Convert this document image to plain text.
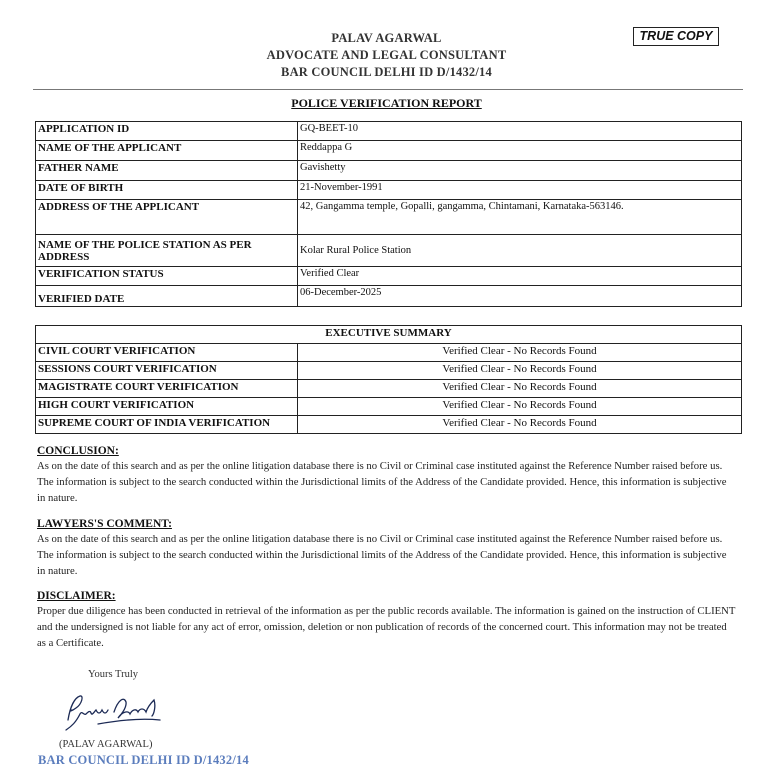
PALAV AGARWAL
ADVOCATE AND LEGAL CONSULTANT
BAR COUNCIL DELHI ID D/1432/14
TRUE COPY
POLICE VERIFICATION REPORT
APPLICATION ID	GQ-BEET-10
NAME OF THE APPLICANT	Reddappa G
FATHER NAME	Gavishetty
DATE OF BIRTH	21-November-1991
ADDRESS OF THE APPLICANT	42, Gangamma temple, Gopalli, gangamma, Chintamani, Karnataka-563146.
NAME OF THE POLICE STATION AS PER ADDRESS	Kolar Rural Police Station
VERIFICATION STATUS	Verified Clear
VERIFIED DATE	06-December-2025
EXECUTIVE SUMMARY	
CIVIL COURT VERIFICATION	Verified Clear - No Records Found
SESSIONS COURT VERIFICATION	Verified Clear - No Records Found
MAGISTRATE COURT VERIFICATION	Verified Clear - No Records Found
HIGH COURT VERIFICATION	Verified Clear - No Records Found
SUPREME COURT OF INDIA VERIFICATION	Verified Clear - No Records Found
CONCLUSION:
As on the date of this search and as per the online litigation database there is no Civil or Criminal case instituted against the Reference Number raised before us. The information is subject to the search conducted within the Jurisdictional limits of the Address of the Candidate provided. Hence, this information is subjective in nature.
LAWYERS'S COMMENT:
As on the date of this search and as per the online litigation database there is no Civil or Criminal case instituted against the Reference Number raised before us. The information is subject to the search conducted within the Jurisdictional limits of the Address of the Candidate provided. Hence, this information is subjective in nature.
DISCLAIMER:
Proper due diligence has been conducted in retrieval of the information as per the public records available. The information is gained on the instruction of CLIENT and the undersigned is not liable for any act of error, omission, deletion or non publication of records of the concerned court. This information may not be treated as a Certificate.
Yours Truly
(PALAV AGARWAL)
BAR COUNCIL DELHI ID D/1432/14
